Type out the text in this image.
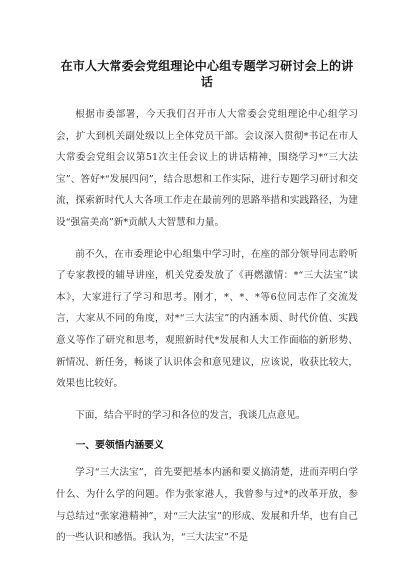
在市人大常委会党组理论中心组专题学习研讨会上的讲话

根据市委部署，今天我们召开市人大常委会党组理论中心组学习会，扩大到机关副处级以上全体党员干部。会议深入贯彻*书记在市人大常委会党组会议第51次主任会议上的讲话精神，围绕学习*“三大法宝”、答好*“发展四问”，结合思想和工作实际，进行专题学习研讨和交流，探索新时代人大各项工作走在最前列的思路举措和实践路径，为建设“强富美高”新*贡献人大智慧和力量。

前不久，在市委理论中心组集中学习时，在座的部分领导同志聆听了专家教授的辅导讲座，机关党委发放了《再燃激情：*“三大法宝”读本》，大家进行了学习和思考。刚才，*、*、*等6位同志作了交流发言，大家从不同的角度，对*“三大法宝”的内涵本质、时代价值、实践意义等作了研究和思考，观照新时代*发展和人大工作面临的新形势、新情况、新任务，畅谈了认识体会和意见建议，应该说，收获比较大，效果也比较好。

下面，结合平时的学习和各位的发言，我谈几点意见。

一、要领悟内涵要义

学习“三大法宝”，首先要把基本内涵和要义搞清楚，进而弄明白学什么、为什么学的问题。作为张家港人，我曾参与过*的改革开放，参与总结过“张家港精神”，对“三大法宝”的形成、发展和升华，也有自己的一些认识和感悟。我认为，“三大法宝”不是
